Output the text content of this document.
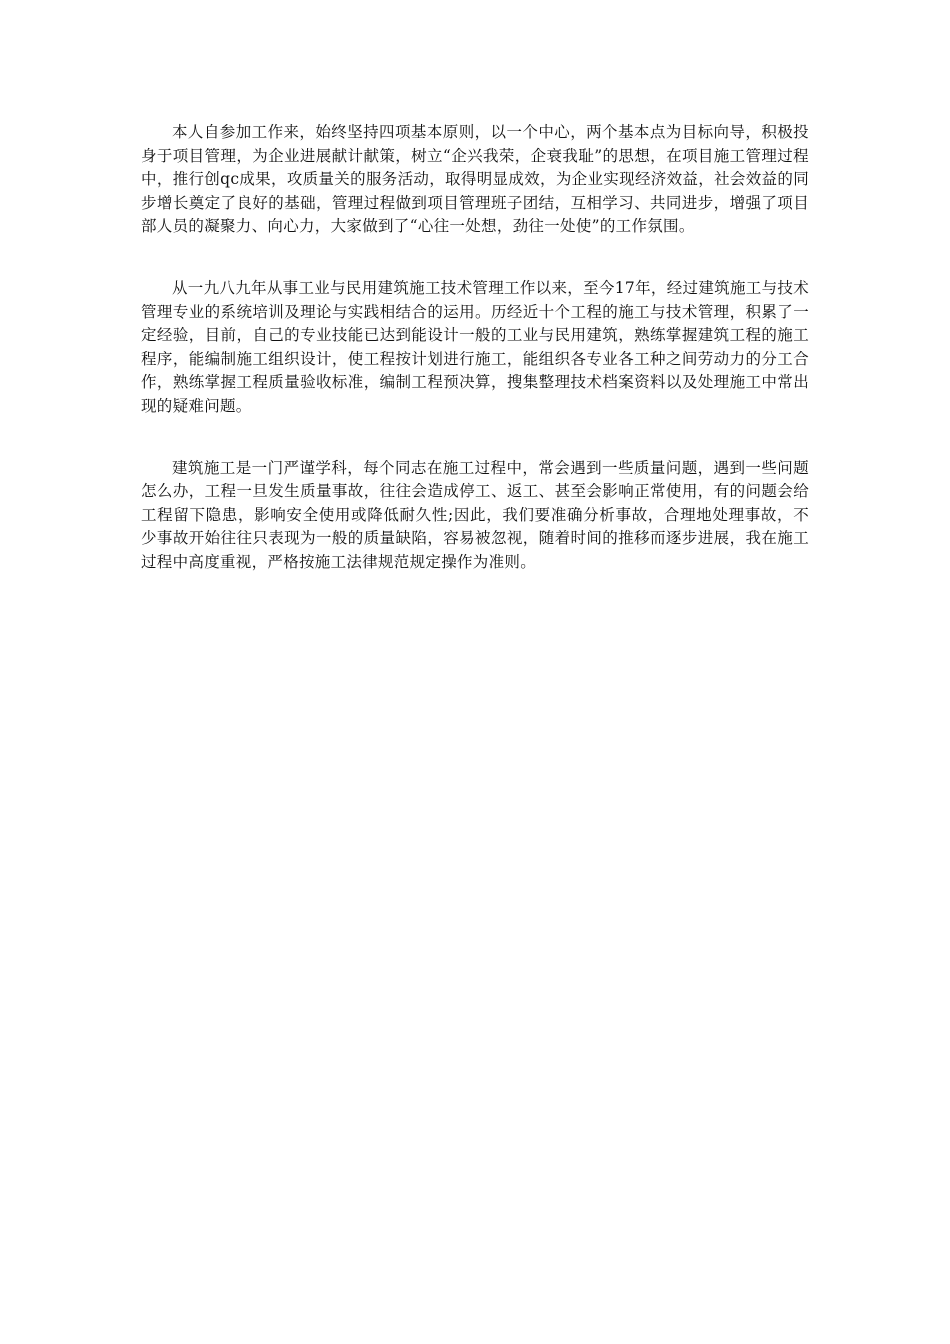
本人自参加工作来，始终坚持四项基本原则，以一个中心，两个基本点为目标向导，积极投身于项目管理，为企业进展献计献策，树立“企兴我荣，企衰我耻”的思想，在项目施工管理过程中，推行创qc成果，攻质量关的服务活动，取得明显成效，为企业实现经济效益，社会效益的同步增长奠定了良好的基础，管理过程做到项目管理班子团结，互相学习、共同进步，增强了项目部人员的凝聚力、向心力，大家做到了“心往一处想，劲往一处使”的工作氛围。

从一九八九年从事工业与民用建筑施工技术管理工作以来，至今17年，经过建筑施工与技术管理专业的系统培训及理论与实践相结合的运用。历经近十个工程的施工与技术管理，积累了一定经验，目前，自己的专业技能已达到能设计一般的工业与民用建筑，熟练掌握建筑工程的施工程序，能编制施工组织设计，使工程按计划进行施工，能组织各专业各工种之间劳动力的分工合作，熟练掌握工程质量验收标准，编制工程预决算，搜集整理技术档案资料以及处理施工中常出现的疑难问题。

建筑施工是一门严谨学科，每个同志在施工过程中，常会遇到一些质量问题，遇到一些问题怎么办，工程一旦发生质量事故，往往会造成停工、返工、甚至会影响正常使用，有的问题会给工程留下隐患，影响安全使用或降低耐久性;因此，我们要准确分析事故，合理地处理事故，不少事故开始往往只表现为一般的质量缺陷，容易被忽视，随着时间的推移而逐步进展，我在施工过程中高度重视，严格按施工法律规范规定操作为准则。
